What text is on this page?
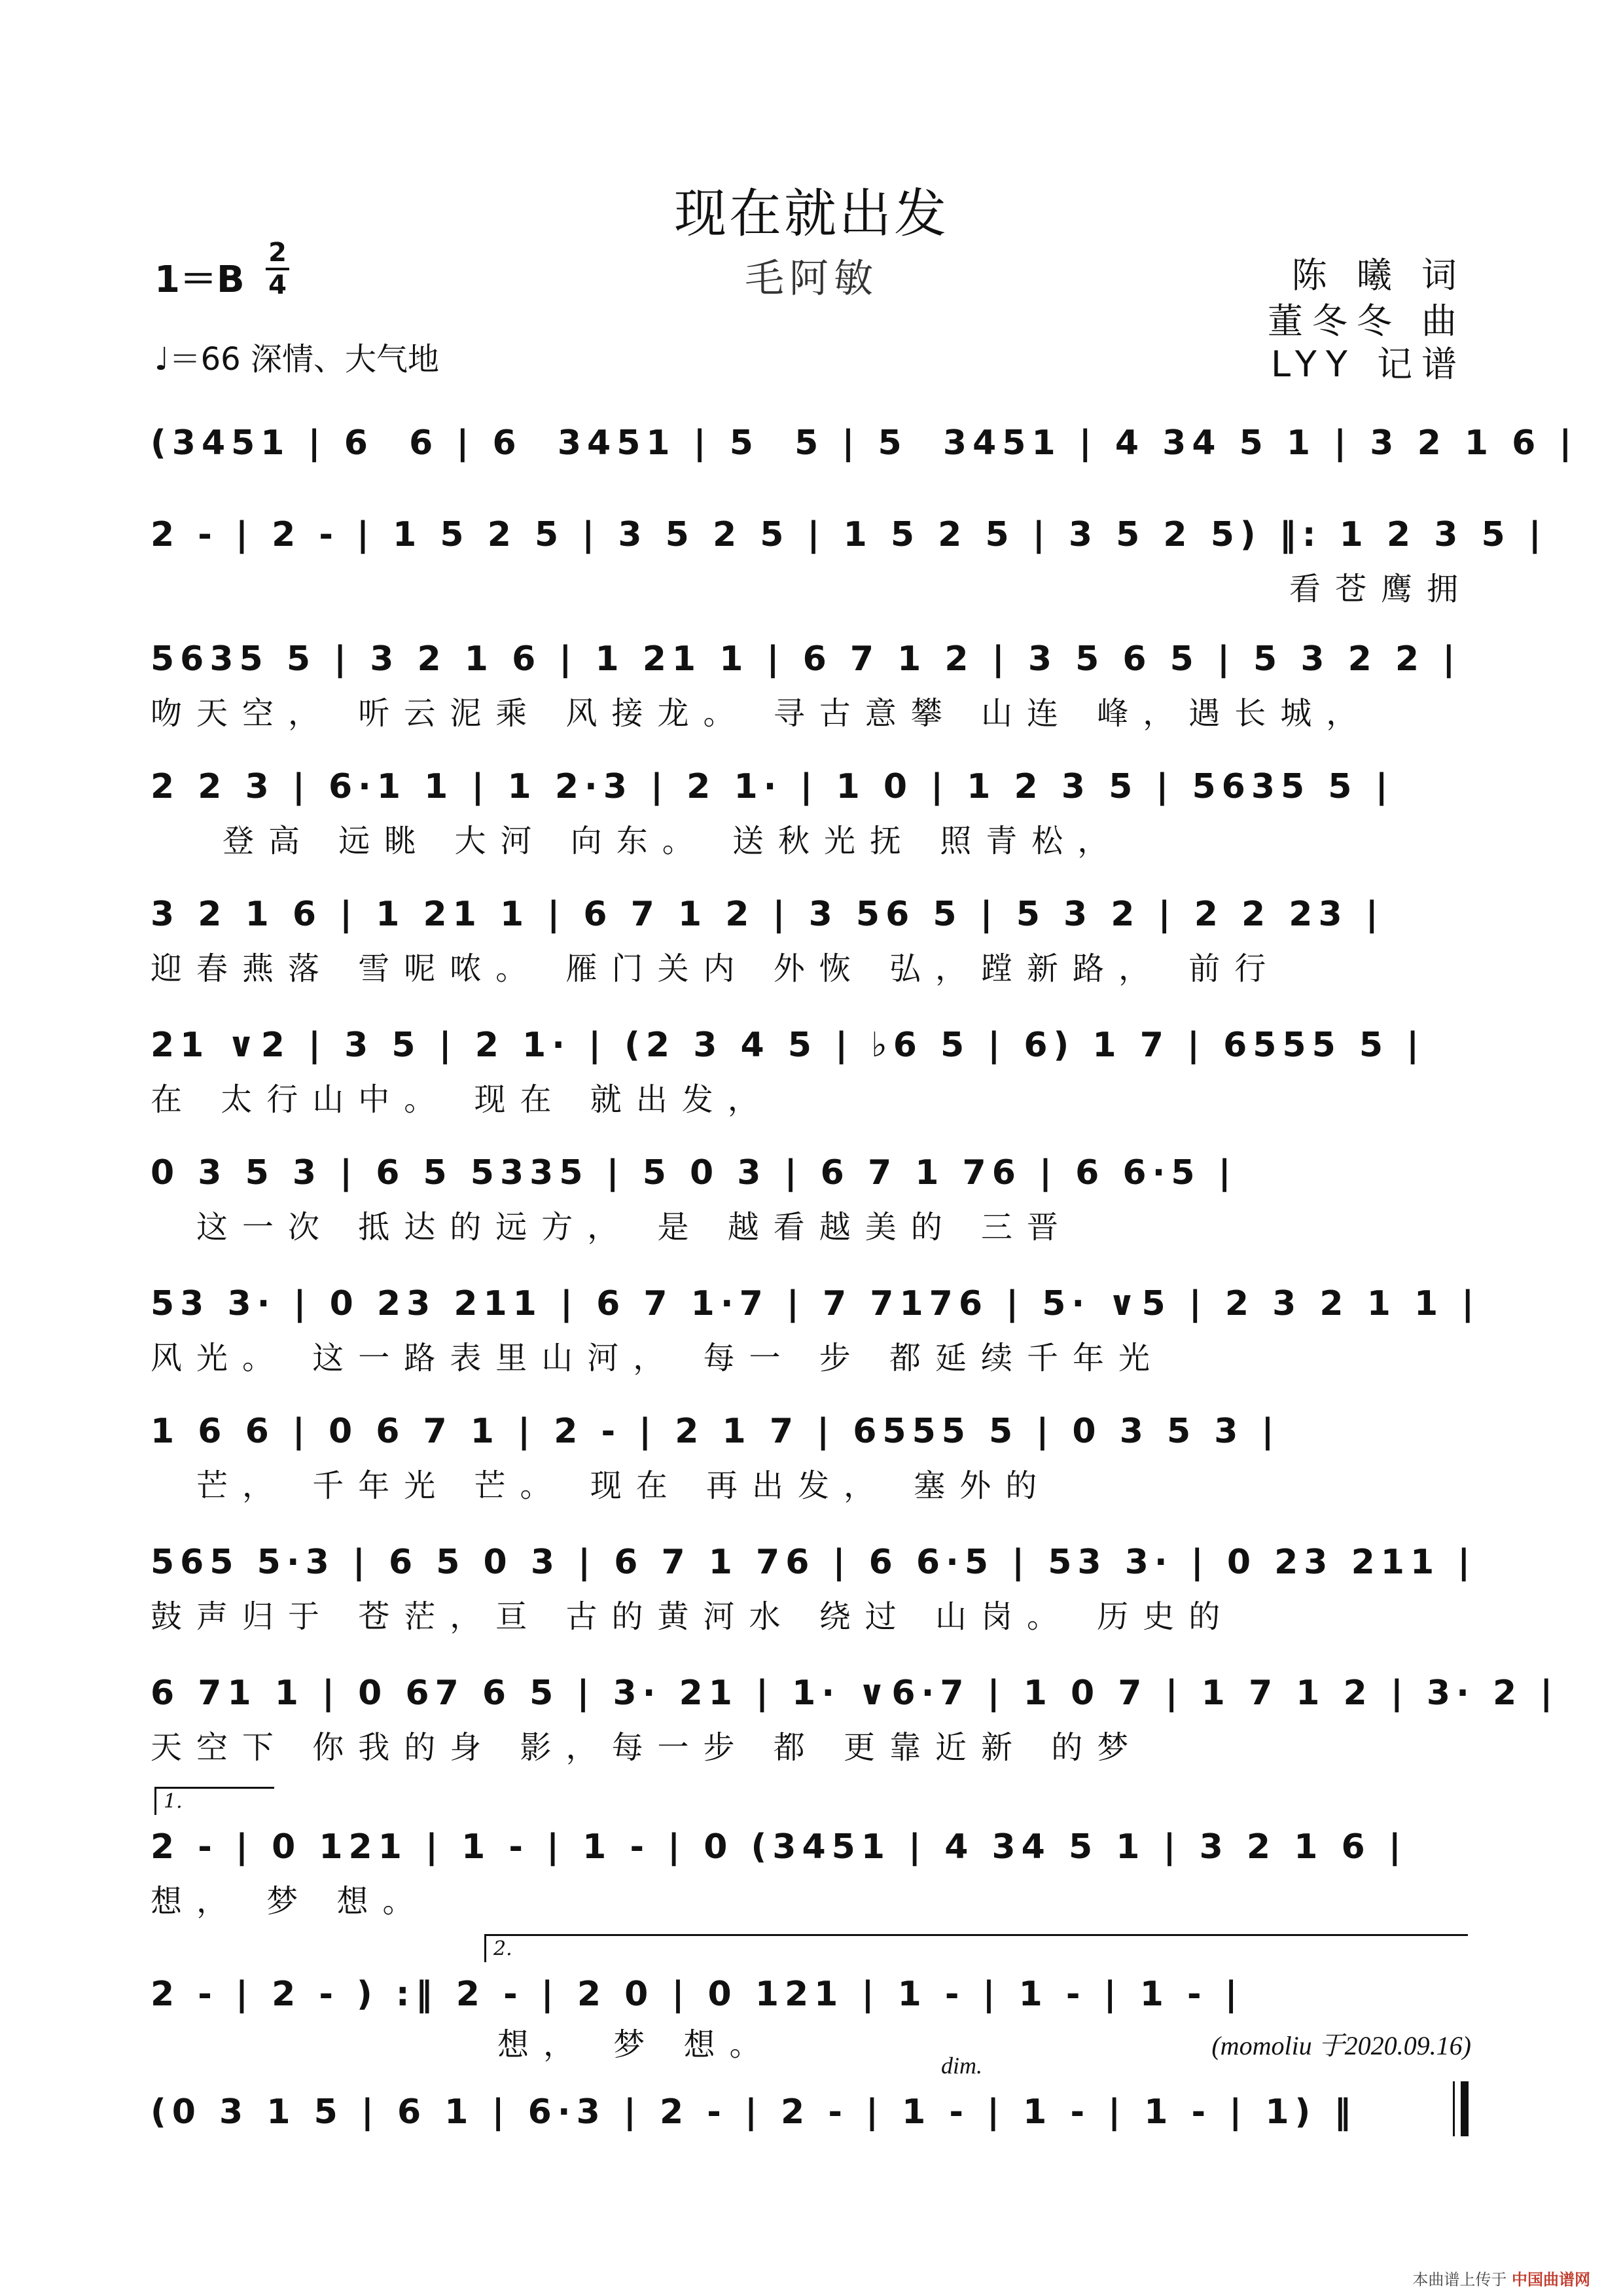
现在就出发
毛阿敏
1＝B
2
4
♩＝66 深情、大气地
陈 曦 词
董冬冬 曲
LYY 记谱
(3451 | 6  6 | 6  3451 | 5  5 | 5  3451 | 4 34 5 1 | 3 2 1 6 |
2 - | 2 - | 1 5 2 5 | 3 5 2 5 | 1 5 2 5 | 3 5 2 5) ‖: 1 2 3 5 |
看苍鹰拥
5635 5 | 3 2 1 6 | 1 21 1 | 6 7 1 2 | 3 5 6 5 | 5 3 2 2 |
吻天空， 听云泥乘 风接龙。 寻古意攀 山连 峰，遇长城，
2 2 3 | 6·1 1 | 1 2·3 | 2 1· | 1 0 | 1 2 3 5 | 5635 5 |
登高 远眺 大河 向东。 送秋光抚 照青松，
3 2 1 6 | 1 21 1 | 6 7 1 2 | 3 56 5 | 5 3 2 | 2 2 23 |
迎春燕落 雪呢哝。 雁门关内 外恢 弘，蹚新路， 前行
21 ∨2 | 3 5 | 2 1· | (2 3 4 5 | ♭6 5 | 6) 1 7 | 6555 5 |
在 太行山中。 现在 就出发，
0 3 5 3 | 6 5 5335 | 5 0 3 | 6 7 1 76 | 6 6·5 |
这一次 抵达的远方， 是 越看越美的 三晋
53 3· | 0 23 211 | 6 7 1·7 | 7 7176 | 5· ∨5 | 2 3 2 1 1 |
风光。 这一路表里山河， 每一 步 都延续千年光
1 6 6 | 0 6 7 1 | 2 - | 2 1 7 | 6555 5 | 0 3 5 3 |
芒， 千年光 芒。 现在 再出发， 塞外的
565 5·3 | 6 5 0 3 | 6 7 1 76 | 6 6·5 | 53 3· | 0 23 211 |
鼓声归于 苍茫，亘 古的黄河水 绕过 山岗。 历史的
6 71 1 | 0 67 6 5 | 3· 21 | 1· ∨6·7 | 1 0 7 | 1 7 1 2 | 3· 2 |
天空下 你我的身 影，每一步 都 更靠近新 的梦
1.
2 - | 0 121 | 1 - | 1 - | 0 (3451 | 4 34 5 1 | 3 2 1 6 |
想， 梦 想。
2.
2 - | 2 - ) :‖ 2 - | 2 0 | 0 121 | 1 - | 1 - | 1 - |
想， 梦 想。	(momoliu 于2020.09.16)
dim.
(0 3 1 5 | 6 1 | 6·3 | 2 - | 2 - | 1 - | 1 - | 1 - | 1) ‖
本曲谱上传于 中国曲谱网
